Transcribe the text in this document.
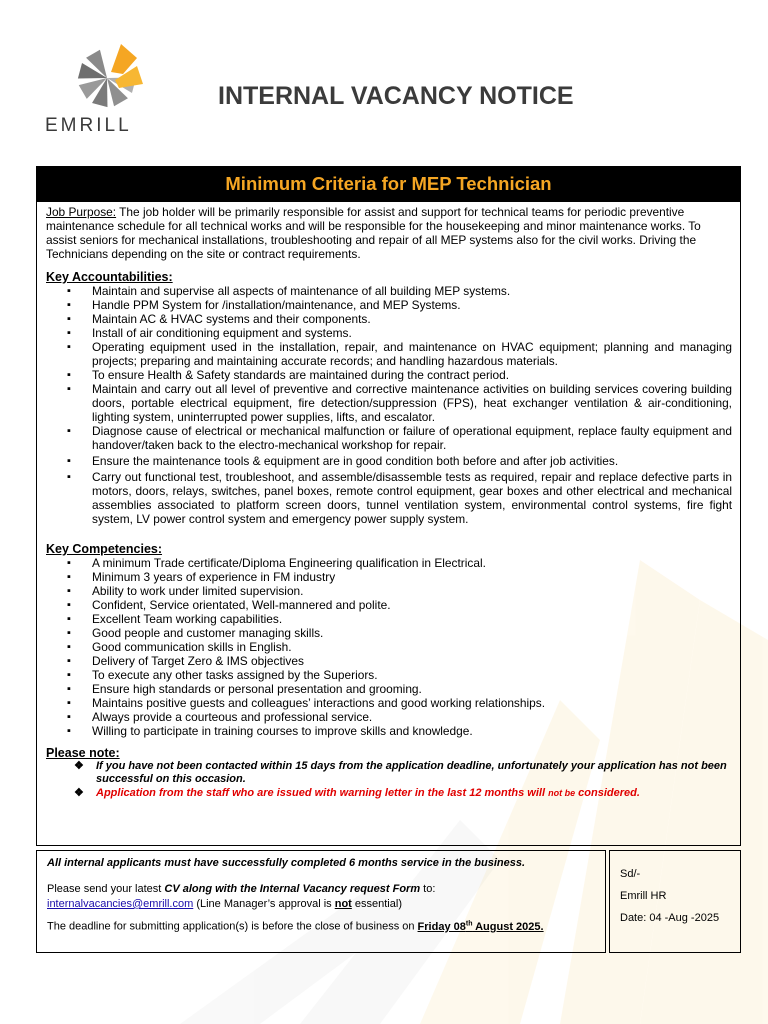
EMRILL
INTERNAL VACANCY NOTICE
Minimum Criteria for MEP Technician

Job Purpose: The job holder will be primarily responsible for assist and support for technical teams for periodic preventive maintenance schedule for all technical works and will be responsible for the housekeeping and minor maintenance works. To assist seniors for mechanical installations, troubleshooting and repair of all MEP systems also for the civil works. Driving the Technicians depending on the site or contract requirements.

Key Accountabilities:
▪ Maintain and supervise all aspects of maintenance of all building MEP systems.
▪ Handle PPM System for /installation/maintenance, and MEP Systems.
▪ Maintain AC & HVAC systems and their components.
▪ Install of air conditioning equipment and systems.
▪ Operating equipment used in the installation, repair, and maintenance on HVAC equipment; planning and managing projects; preparing and maintaining accurate records; and handling hazardous materials.
▪ To ensure Health & Safety standards are maintained during the contract period.
▪ Maintain and carry out all level of preventive and corrective maintenance activities on building services covering building doors, portable electrical equipment, fire detection/suppression (FPS), heat exchanger ventilation & air-conditioning, lighting system, uninterrupted power supplies, lifts, and escalator.
▪ Diagnose cause of electrical or mechanical malfunction or failure of operational equipment, replace faulty equipment and handover/taken back to the electro-mechanical workshop for repair.
▪ Ensure the maintenance tools & equipment are in good condition both before and after job activities.
▪ Carry out functional test, troubleshoot, and assemble/disassemble tests as required, repair and replace defective parts in motors, doors, relays, switches, panel boxes, remote control equipment, gear boxes and other electrical and mechanical assemblies associated to platform screen doors, tunnel ventilation system, environmental control systems, fire fight system, LV power control system and emergency power supply system.
Key Competencies:
▪ A minimum Trade certificate/Diploma Engineering qualification in Electrical.
▪ Minimum 3 years of experience in FM industry
▪ Ability to work under limited supervision.
▪ Confident, Service orientated, Well-mannered and polite.
▪ Excellent Team working capabilities.
▪ Good people and customer managing skills.
▪ Good communication skills in English.
▪ Delivery of Target Zero & IMS objectives
▪ To execute any other tasks assigned by the Superiors.
▪ Ensure high standards or personal presentation and grooming.
▪ Maintains positive guests and colleagues’ interactions and good working relationships.
▪ Always provide a courteous and professional service.
▪ Willing to participate in training courses to improve skills and knowledge.
Please note:
❖ If you have not been contacted within 15 days from the application deadline, unfortunately your application has not been successful on this occasion.
❖ Application from the staff who are issued with warning letter in the last 12 months will not be considered.

All internal applicants must have successfully completed 6 months service in the business.

Please send your latest CV along with the Internal Vacancy request Form to:

internalvacancies@emrill.com (Line Manager’s approval is not essential)

The deadline for submitting application(s) is before the close of business on Friday 08th August 2025.

Sd/-
Emrill HR
Date: 04 -Aug -2025
